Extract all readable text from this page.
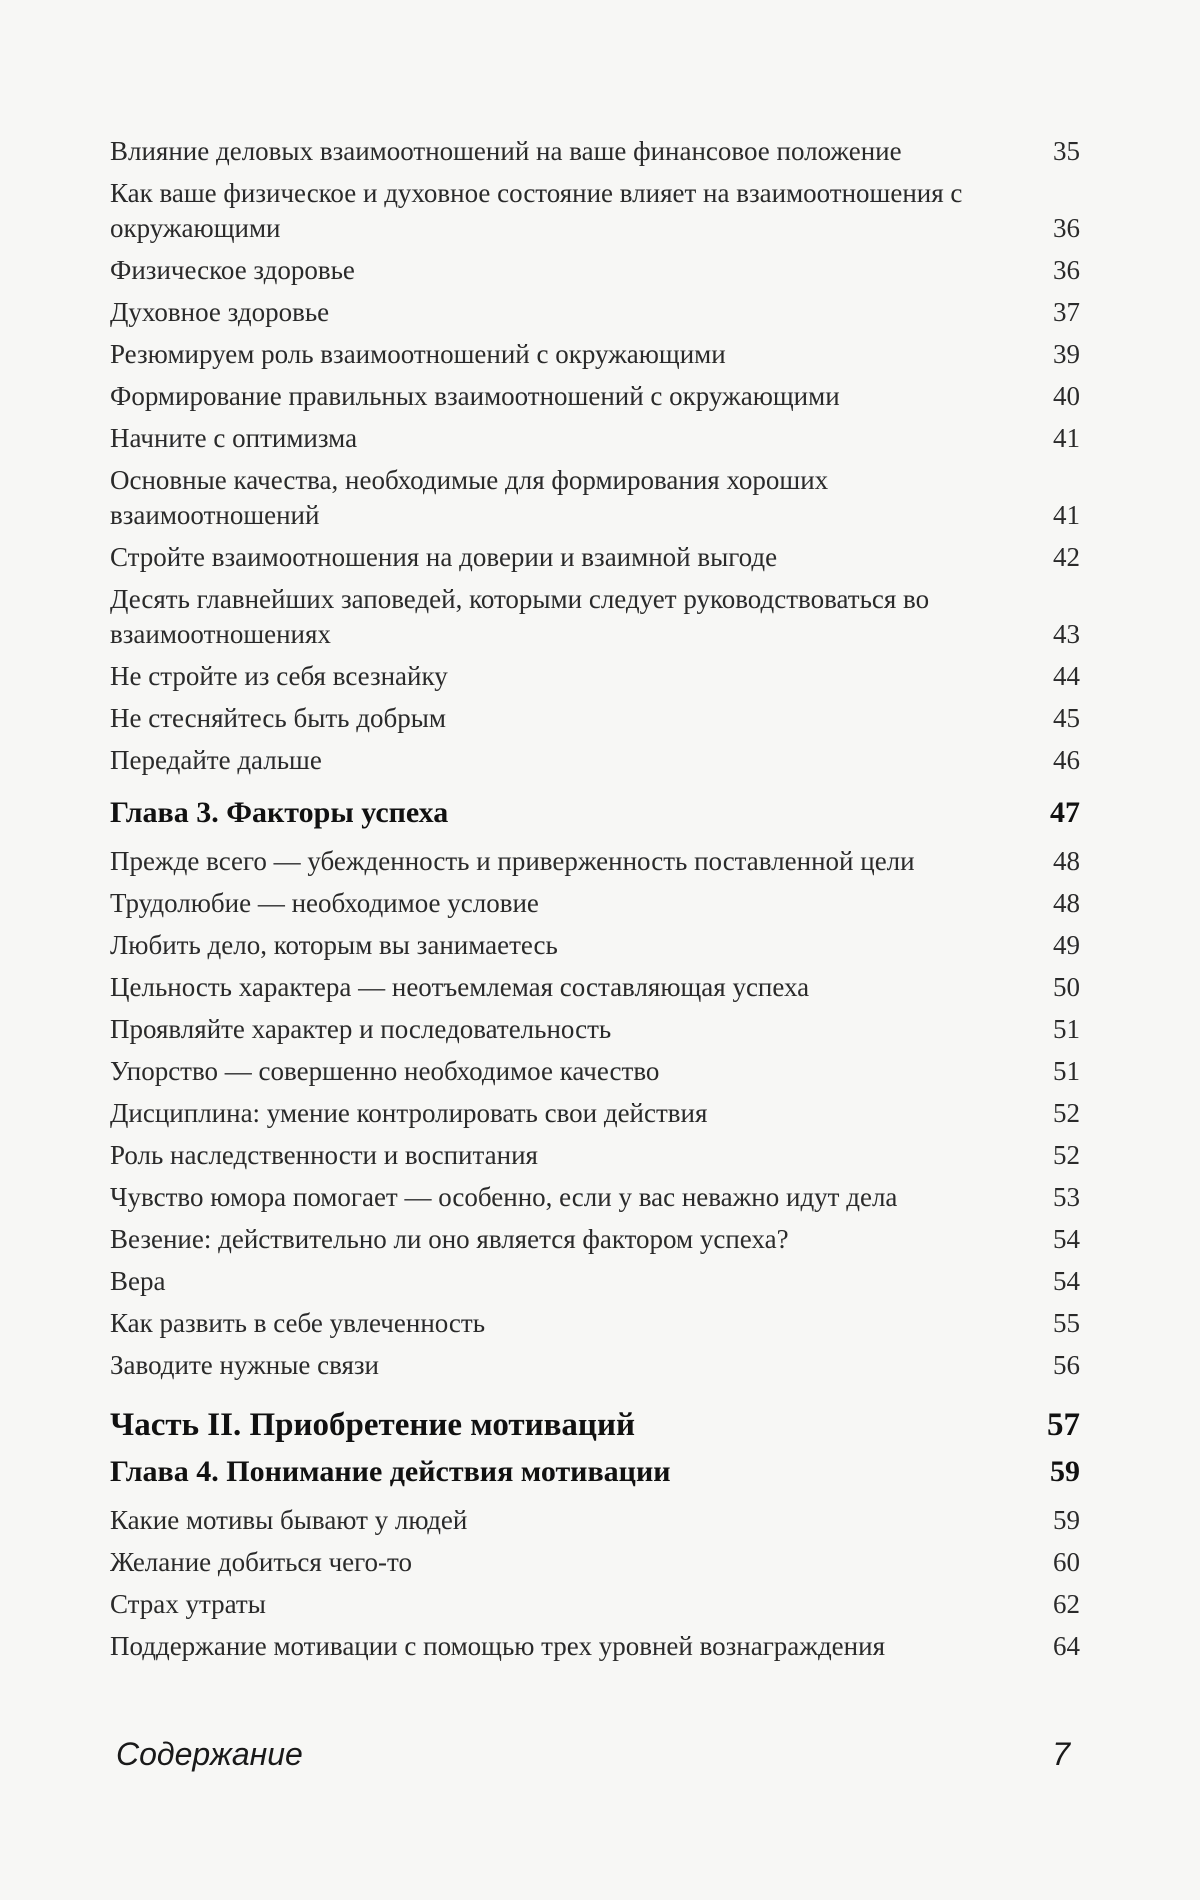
Влияние деловых взаимоотношений на ваше финансовое положение	35
Как ваше физическое и духовное состояние влияет на взаимоотношения с окружающими	36
Физическое здоровье	36
Духовное здоровье	37
Резюмируем роль взаимоотношений с окружающими	39
Формирование правильных взаимоотношений с окружающими	40
Начните с оптимизма	41
Основные качества, необходимые для формирования хороших взаимоотношений	41
Стройте взаимоотношения на доверии и взаимной выгоде	42
Десять главнейших заповедей, которыми следует руководствоваться во взаимоотношениях	43
Не стройте из себя всезнайку	44
Не стесняйтесь быть добрым	45
Передайте дальше	46
Глава 3. Факторы успеха	47
Прежде всего — убежденность и приверженность поставленной цели	48
Трудолюбие — необходимое условие	48
Любить дело, которым вы занимаетесь	49
Цельность характера — неотъемлемая составляющая успеха	50
Проявляйте характер и последовательность	51
Упорство — совершенно необходимое качество	51
Дисциплина: умение контролировать свои действия	52
Роль наследственности и воспитания	52
Чувство юмора помогает — особенно, если у вас неважно идут дела	53
Везение: действительно ли оно является фактором успеха?	54
Вера	54
Как развить в себе увлеченность	55
Заводите нужные связи	56
Часть II. Приобретение мотиваций	57
Глава 4. Понимание действия мотивации	59
Какие мотивы бывают у людей	59
Желание добиться чего-то	60
Страх утраты	62
Поддержание мотивации с помощью трех уровней вознаграждения	64
Содержание	7
